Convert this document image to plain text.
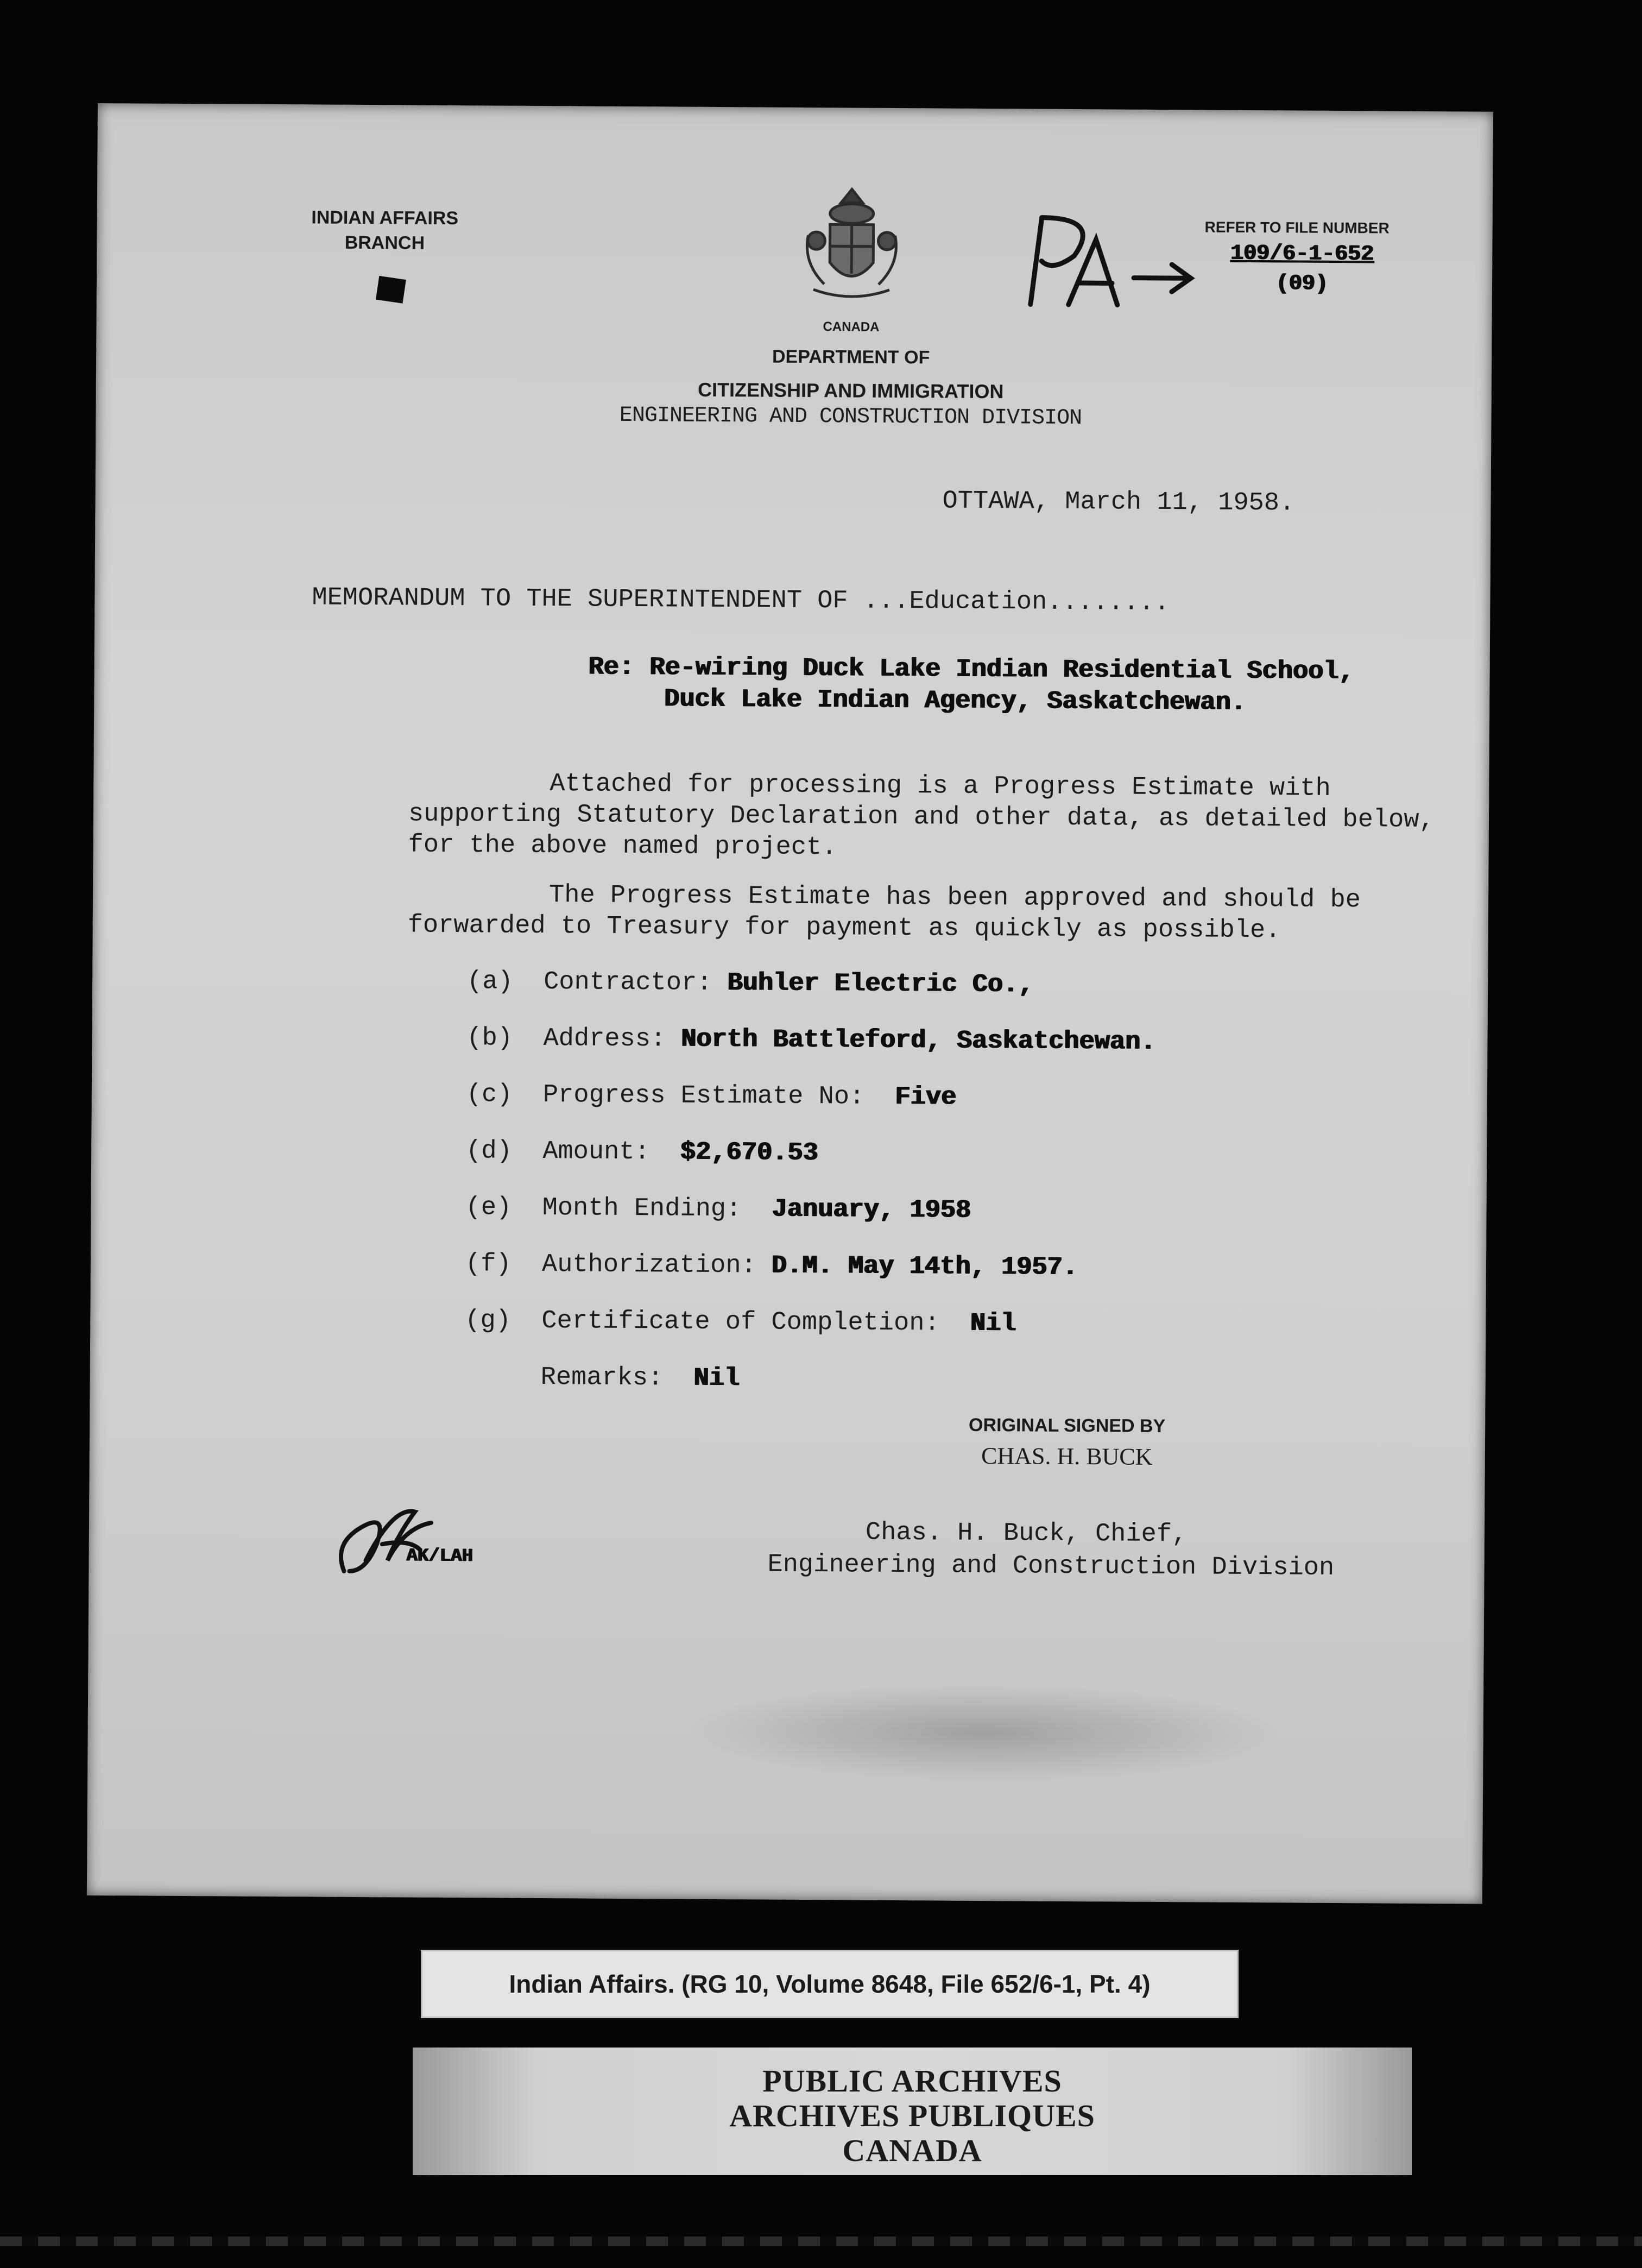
INDIAN AFFAIRS
BRANCH
CANADA
DEPARTMENT OF
CITIZENSHIP AND IMMIGRATION
ENGINEERING AND CONSTRUCTION DIVISION
REFER TO FILE NUMBER
109/6-1-652
(09)
OTTAWA, March 11, 1958.
MEMORANDUM TO THE SUPERINTENDENT OF ...Education........
Re: Re-wiring Duck Lake Indian Residential School,
Duck Lake Indian Agency, Saskatchewan.
Attached for processing is a Progress Estimate with
supporting Statutory Declaration and other data, as detailed below,
for the above named project.
The Progress Estimate has been approved and should be
forwarded to Treasury for payment as quickly as possible.
(a) Contractor: Buhler Electric Co.,
(b) Address: North Battleford, Saskatchewan.
(c) Progress Estimate No: Five
(d) Amount: $2,670.53
(e) Month Ending: January, 1958
(f) Authorization: D.M. May 14th, 1957.
(g) Certificate of Completion: Nil
Remarks: Nil
ORIGINAL SIGNED BY
CHAS. H. BUCK
Chas. H. Buck, Chief,
Engineering and Construction Division
AK/LAH
Indian Affairs. (RG 10, Volume 8648, File 652/6-1, Pt. 4)
PUBLIC ARCHIVES
ARCHIVES PUBLIQUES
CANADA
